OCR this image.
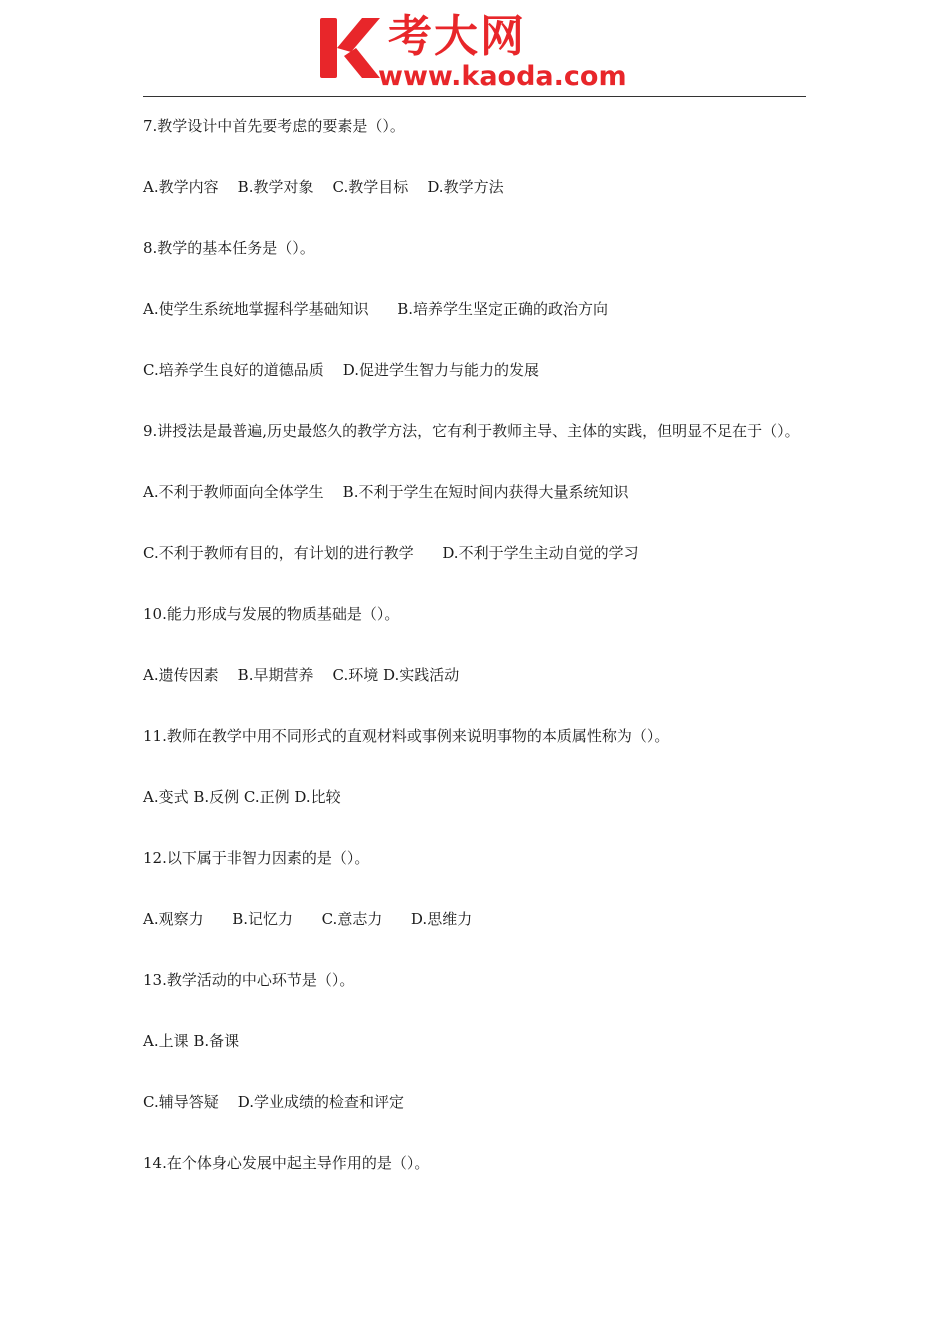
考大网
www.kaoda.com

7.教学设计中首先要考虑的要素是（）。

A.教学内容    B.教学对象    C.教学目标    D.教学方法

8.教学的基本任务是（）。

A.使学生系统地掌握科学基础知识      B.培养学生坚定正确的政治方向

C.培养学生良好的道德品质    D.促进学生智力与能力的发展

9.讲授法是最普遍,历史最悠久的教学方法，它有利于教师主导、主体的实践，但明显不足在于（）。

A.不利于教师面向全体学生    B.不利于学生在短时间内获得大量系统知识

C.不利于教师有目的，有计划的进行教学      D.不利于学生主动自觉的学习

10.能力形成与发展的物质基础是（）。

A.遗传因素    B.早期营养    C.环境 D.实践活动

11.教师在教学中用不同形式的直观材料或事例来说明事物的本质属性称为（）。

A.变式 B.反例 C.正例 D.比较

12.以下属于非智力因素的是（）。

A.观察力      B.记忆力      C.意志力      D.思维力

13.教学活动的中心环节是（）。

A.上课 B.备课

C.辅导答疑    D.学业成绩的检查和评定

14.在个体身心发展中起主导作用的是（）。
